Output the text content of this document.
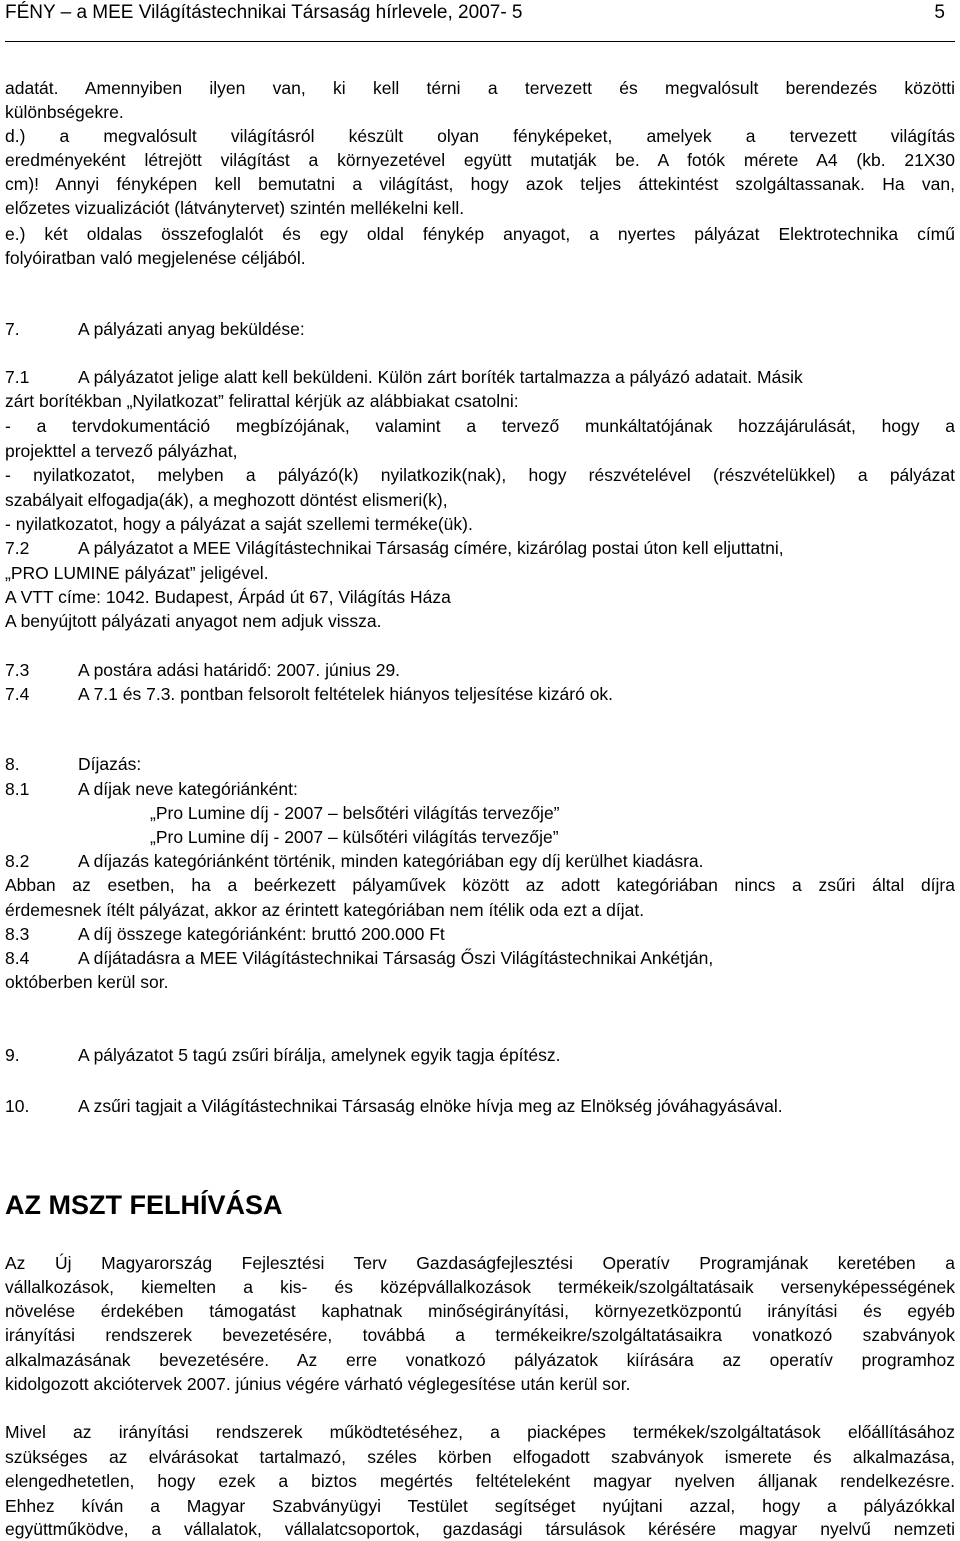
FÉNY – a MEE Világítástechnikai Társaság hírlevele, 2007- 5	5
adatát. Amennyiben ilyen van, ki kell térni a tervezett és megvalósult berendezés közötti
különbségekre.
d.) a megvalósult világításról készült olyan fényképeket, amelyek a tervezett világítás
eredményeként létrejött világítást a környezetével együtt mutatják be. A fotók mérete A4 (kb. 21X30
cm)! Annyi fényképen kell bemutatni a világítást, hogy azok teljes áttekintést szolgáltassanak. Ha van,
előzetes vizualizációt (látványtervet) szintén mellékelni kell.
e.) két oldalas összefoglalót és egy oldal fénykép anyagot, a nyertes pályázat Elektrotechnika című
folyóiratban való megjelenése céljából.
7.	A pályázati anyag beküldése:
7.1	A pályázatot jelige alatt kell beküldeni. Külön zárt boríték tartalmazza a pályázó adatait. Másik
zárt borítékban „Nyilatkozat” felirattal kérjük az alábbiakat csatolni:
- a tervdokumentáció megbízójának, valamint a tervező munkáltatójának hozzájárulását, hogy a
projekttel a tervező pályázhat,
- nyilatkozatot, melyben a pályázó(k) nyilatkozik(nak), hogy részvételével (részvételükkel) a pályázat
szabályait elfogadja(ák), a meghozott döntést elismeri(k),
- nyilatkozatot, hogy a pályázat a saját szellemi terméke(ük).
7.2	A pályázatot a MEE Világítástechnikai Társaság címére, kizárólag postai úton kell eljuttatni,
„PRO LUMINE pályázat” jeligével.
A VTT címe: 1042. Budapest, Árpád út 67, Világítás Háza
A benyújtott pályázati anyagot nem adjuk vissza.
7.3	A postára adási határidő: 2007. június 29.
7.4	A 7.1 és 7.3. pontban felsorolt feltételek hiányos teljesítése kizáró ok.
8.	Díjazás:
8.1	A díjak neve kategóriánként:
„Pro Lumine díj - 2007 – belsőtéri világítás tervezője”
„Pro Lumine díj - 2007 – külsőtéri világítás tervezője”
8.2	A díjazás kategóriánként történik, minden kategóriában egy díj kerülhet kiadásra.
Abban az esetben, ha a beérkezett pályaművek között az adott kategóriában nincs a zsűri által díjra
érdemesnek ítélt pályázat, akkor az érintett kategóriában nem ítélik oda ezt a díjat.
8.3	A díj összege kategóriánként: bruttó 200.000 Ft
8.4	A díjátadásra a MEE Világítástechnikai Társaság Őszi Világítástechnikai Ankétján,
októberben kerül sor.
9.	A pályázatot 5 tagú zsűri bírálja, amelynek egyik tagja építész.
10.	A zsűri tagjait a Világítástechnikai Társaság elnöke hívja meg az Elnökség jóváhagyásával.
AZ MSZT FELHÍVÁSA
Az Új Magyarország Fejlesztési Terv Gazdaságfejlesztési Operatív Programjának keretében a
vállalkozások, kiemelten a kis- és középvállalkozások termékeik/szolgáltatásaik versenyképességének
növelése érdekében támogatást kaphatnak minőségirányítási, környezetközpontú irányítási és egyéb
irányítási rendszerek bevezetésére, továbbá a termékeikre/szolgáltatásaikra vonatkozó szabványok
alkalmazásának bevezetésére. Az erre vonatkozó pályázatok kiírására az operatív programhoz
kidolgozott akciótervek 2007. június végére várható véglegesítése után kerül sor.
Mivel az irányítási rendszerek működtetéséhez, a piacképes termékek/szolgáltatások előállításához
szükséges az elvárásokat tartalmazó, széles körben elfogadott szabványok ismerete és alkalmazása,
elengedhetetlen, hogy ezek a biztos megértés feltételeként magyar nyelven álljanak rendelkezésre.
Ehhez kíván a Magyar Szabványügyi Testület segítséget nyújtani azzal, hogy a pályázókkal
együttműködve, a vállalatok, vállalatcsoportok, gazdasági társulások kérésére magyar nyelvű nemzeti
